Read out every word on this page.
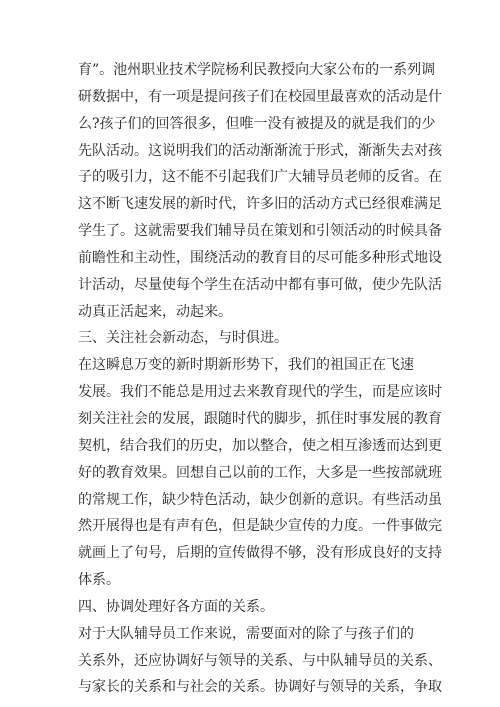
育”。池州职业技术学院杨利民教授向大家公布的一系列调
研数据中，有一项是提问孩子们在校园里最喜欢的活动是什
么?孩子们的回答很多，但唯一没有被提及的就是我们的少
先队活动。这说明我们的活动渐渐流于形式，渐渐失去对孩
子的吸引力，这不能不引起我们广大辅导员老师的反省。在
这不断飞速发展的新时代，许多旧的活动方式已经很难满足
学生了。这就需要我们辅导员在策划和引领活动的时候具备
前瞻性和主动性，围绕活动的教育目的尽可能多种形式地设
计活动，尽量使每个学生在活动中都有事可做，使少先队活
动真正活起来，动起来。
三、关注社会新动态，与时俱进。
在这瞬息万变的新时期新形势下，我们的祖国正在飞速
发展。我们不能总是用过去来教育现代的学生，而是应该时
刻关注社会的发展，跟随时代的脚步，抓住时事发展的教育
契机，结合我们的历史，加以整合，使之相互渗透而达到更
好的教育效果。回想自己以前的工作，大多是一些按部就班
的常规工作，缺少特色活动，缺少创新的意识。有些活动虽
然开展得也是有声有色，但是缺少宣传的力度。一件事做完
就画上了句号，后期的宣传做得不够，没有形成良好的支持
体系。
四、协调处理好各方面的关系。
对于大队辅导员工作来说，需要面对的除了与孩子们的
关系外，还应协调好与领导的关系、与中队辅导员的关系、
与家长的关系和与社会的关系。协调好与领导的关系，争取
